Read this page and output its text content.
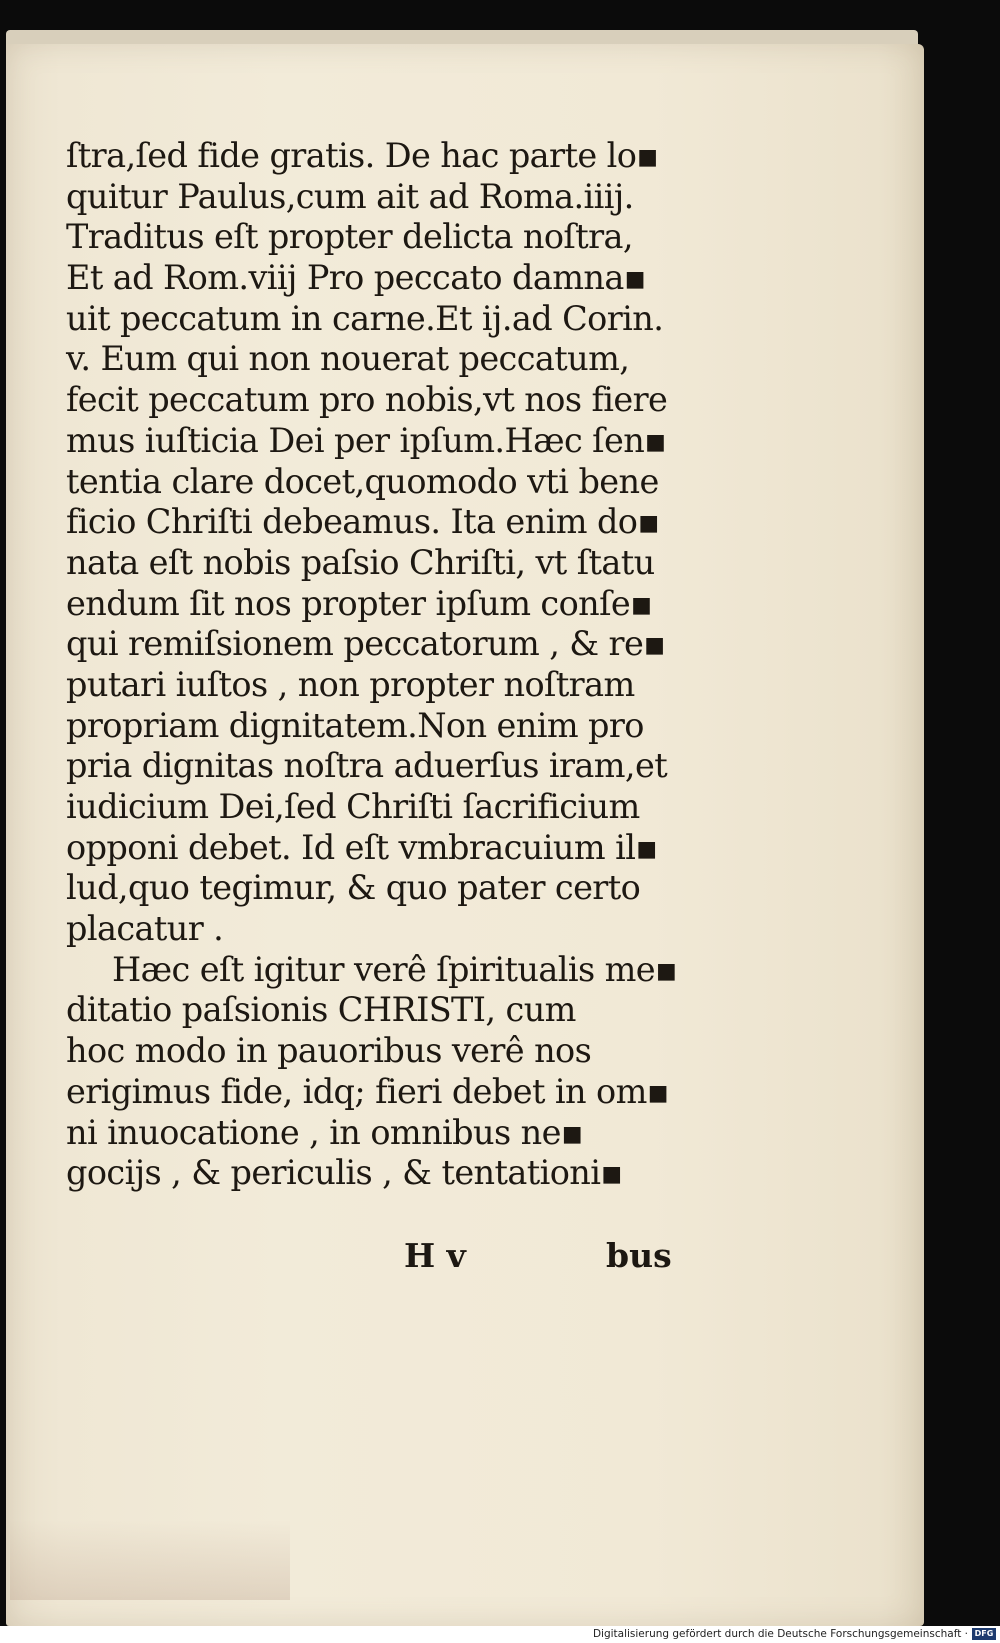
ſtra,ſed fide gratis. De hac parte lo▪
quitur Paulus,cum ait ad Roma.iiij.
Traditus eſt propter delicta noſtra,
Et ad Rom.viij Pro peccato damna▪
uit peccatum in carne.Et ij.ad Corin.
v. Eum qui non nouerat peccatum,
fecit peccatum pro nobis,vt nos fiere
mus iuſticia Dei per ipſum.Hæc ſen▪
tentia clare docet,quomodo vti bene
ficio Chriſti debeamus. Ita enim do▪
nata eſt nobis paſsio Chriſti, vt ſtatu
endum ſit nos propter ipſum conſe▪
qui remiſsionem peccatorum , & re▪
putari iuſtos , non propter noſtram
propriam dignitatem.Non enim pro
pria dignitas noſtra aduerſus iram,et
iudicium Dei,ſed Chriſti ſacrificium
opponi debet. Id eſt vmbracuium il▪
lud,quo tegimur, & quo pater certo
placatur .
Hæc eſt igitur verê ſpiritualis me▪
ditatio paſsionis CHRISTI, cum
hoc modo in pauoribus verê nos
erigimus fide, idq; fieri debet in om▪
ni inuocatione , in omnibus ne▪
gocijs , & periculis , & tentationi▪
H v	bus
Digitalisierung gefördert durch die Deutsche Forschungsgemeinschaft · DFG
